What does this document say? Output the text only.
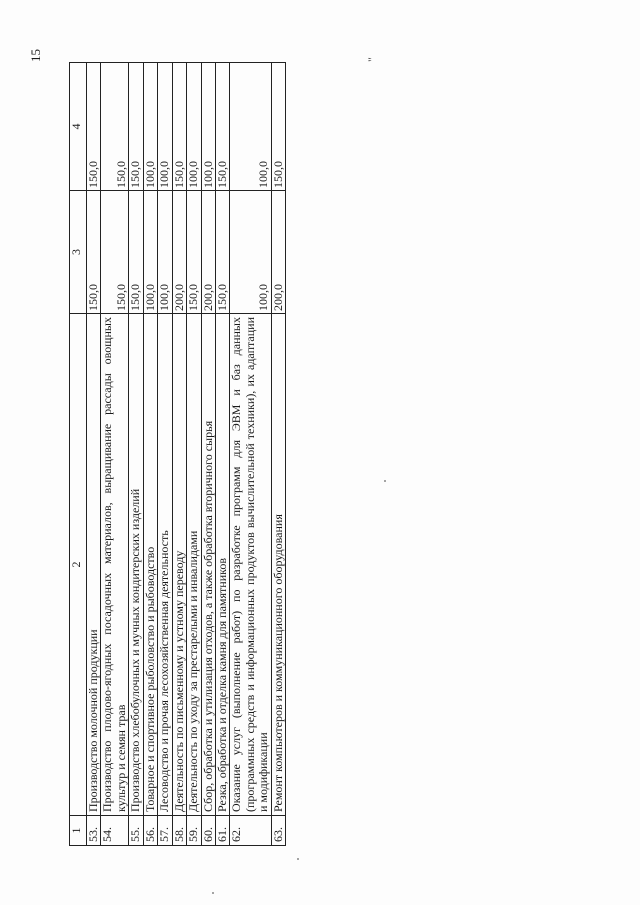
15	"
1	2	3	4
53.	Производство молочной продукции	150,0	150,0
54.	Производство плодово-ягодных посадочных материалов, выращивание рассады овощных культур и семян трав	150,0	150,0
55.	Производство хлебобулочных и мучных кондитерских изделий	150,0	150,0
56.	Товарное и спортивное рыболовство и рыбоводство	100,0	100,0
57.	Лесоводство и прочая лесохозяйственная деятельность	100,0	100,0
58.	Деятельность по письменному и устному переводу	200,0	150,0
59.	Деятельность по уходу за престарелыми и инвалидами	150,0	100,0
60.	Сбор, обработка и утилизация отходов, а также обработка вторичного сырья	200,0	100,0
61.	Резка, обработка и отделка камня для памятников	150,0	150,0
62.	Оказание услуг (выполнение работ) по разработке программ для ЭВМ и баз данных (программных средств и информационных продуктов вычислительной техники), их адаптации и модификации	100,0	100,0
63.	Ремонт компьютеров и коммуникационного оборудования	200,0	150,0
